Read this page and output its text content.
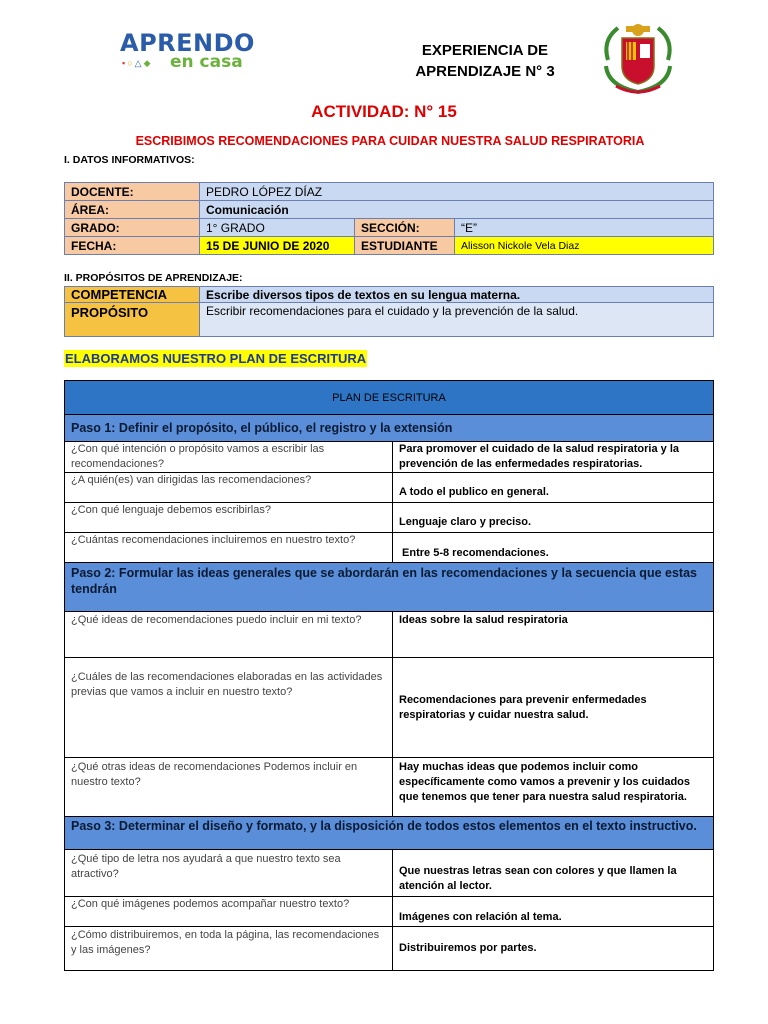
APRENDO
▪○△◆ en casa
EXPERIENCIA DE
APRENDIZAJE N° 3
ACTIVIDAD: N° 15
ESCRIBIMOS RECOMENDACIONES PARA CUIDAR NUESTRA SALUD RESPIRATORIA
I. DATOS INFORMATIVOS:
DOCENTE:	PEDRO LÓPEZ DÍAZ		
ÁREA:	Comunicación		
GRADO:	1° GRADO	SECCIÓN:	“E”
FECHA:	15 DE JUNIO DE 2020	ESTUDIANTE	Alisson Nickole Vela Diaz
II. PROPÓSITOS DE APRENDIZAJE:
COMPETENCIA	Escribe diversos tipos de textos en su lengua materna.
PROPÓSITO	Escribir recomendaciones para el cuidado y la prevención de la salud.
ELABORAMOS NUESTRO PLAN DE ESCRITURA
PLAN DE ESCRITURA	
Paso 1: Definir el propósito, el público, el registro y la extensión	
¿Con qué intención o propósito vamos a escribir las recomendaciones?	Para promover el cuidado de la salud respiratoria y la prevención de las enfermedades respiratorias.
¿A quién(es) van dirigidas las recomendaciones?	A todo el publico en general.
¿Con qué lenguaje debemos escribirlas?	Lenguaje claro y preciso.
¿Cuántas recomendaciones incluiremos en nuestro texto?	Entre 5-8 recomendaciones.
Paso 2: Formular las ideas generales que se abordarán en las recomendaciones y la secuencia que estas tendrán	
¿Qué ideas de recomendaciones puedo incluir en mi texto?	Ideas sobre la salud respiratoria
¿Cuáles de las recomendaciones elaboradas en las actividades previas que vamos a incluir en nuestro texto?	Recomendaciones para prevenir enfermedades respiratorias y cuidar nuestra salud.
¿Qué otras ideas de recomendaciones Podemos incluir en nuestro texto?	Hay muchas ideas que podemos incluir como específicamente como vamos a prevenir y los cuidados que tenemos que tener para nuestra salud respiratoria.
Paso 3: Determinar el diseño y formato, y la disposición de todos estos elementos en el texto instructivo.	
¿Qué tipo de letra nos ayudará a que nuestro texto sea atractivo?	Que nuestras letras sean con colores y que llamen la atención al lector.
¿Con qué imágenes podemos acompañar nuestro texto?	Imágenes con relación al tema.
¿Cómo distribuiremos, en toda la página, las recomendaciones y las imágenes?	Distribuiremos por partes.
